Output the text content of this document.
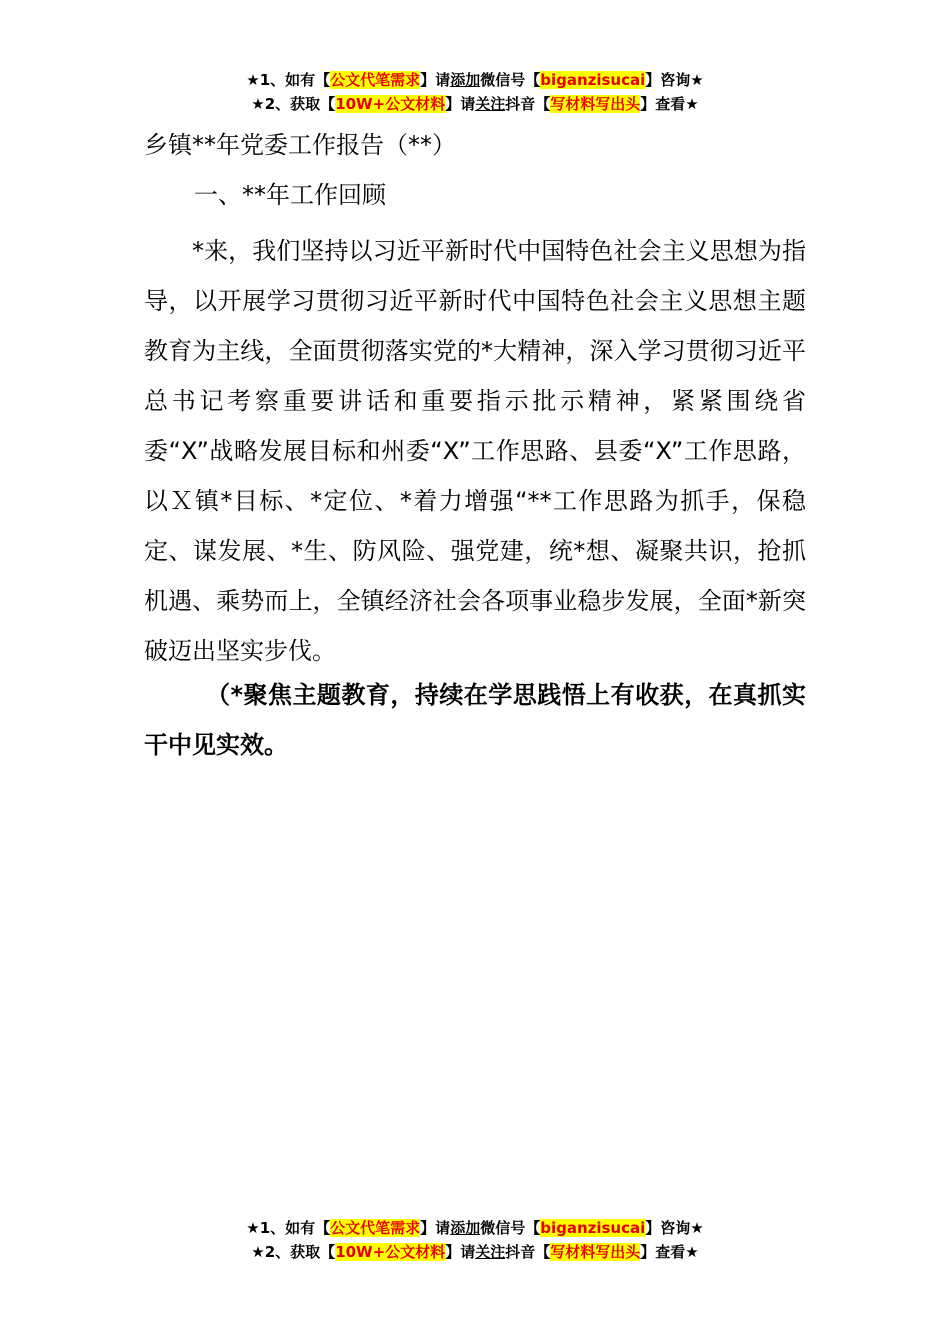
★1、如有【公文代笔需求】请添加微信号【biganzisucai】咨询★
★2、获取【10W+公文材料】请关注抖音【写材料写出头】查看★
乡镇**年党委工作报告（**）
一、**年工作回顾
*来，我们坚持以习近平新时代中国特色社会主义思想为指导，以开展学习贯彻习近平新时代中国特色社会主义思想主题教育为主线，全面贯彻落实党的*大精神，深入学习贯彻习近平总书记考察重要讲话和重要指示批示精神，紧紧围绕省委“X”战略发展目标和州委“X”工作思路、县委“X”工作思路，以Ｘ镇*目标、*定位、*着力增强“**工作思路为抓手，保稳定、谋发展、*生、防风险、强党建，统*想、凝聚共识，抢抓机遇、乘势而上，全镇经济社会各项事业稳步发展，全面*新突破迈出坚实步伐。
（*聚焦主题教育，持续在学思践悟上有收获，在真抓实干中见实效。
★1、如有【公文代笔需求】请添加微信号【biganzisucai】咨询★
★2、获取【10W+公文材料】请关注抖音【写材料写出头】查看★
